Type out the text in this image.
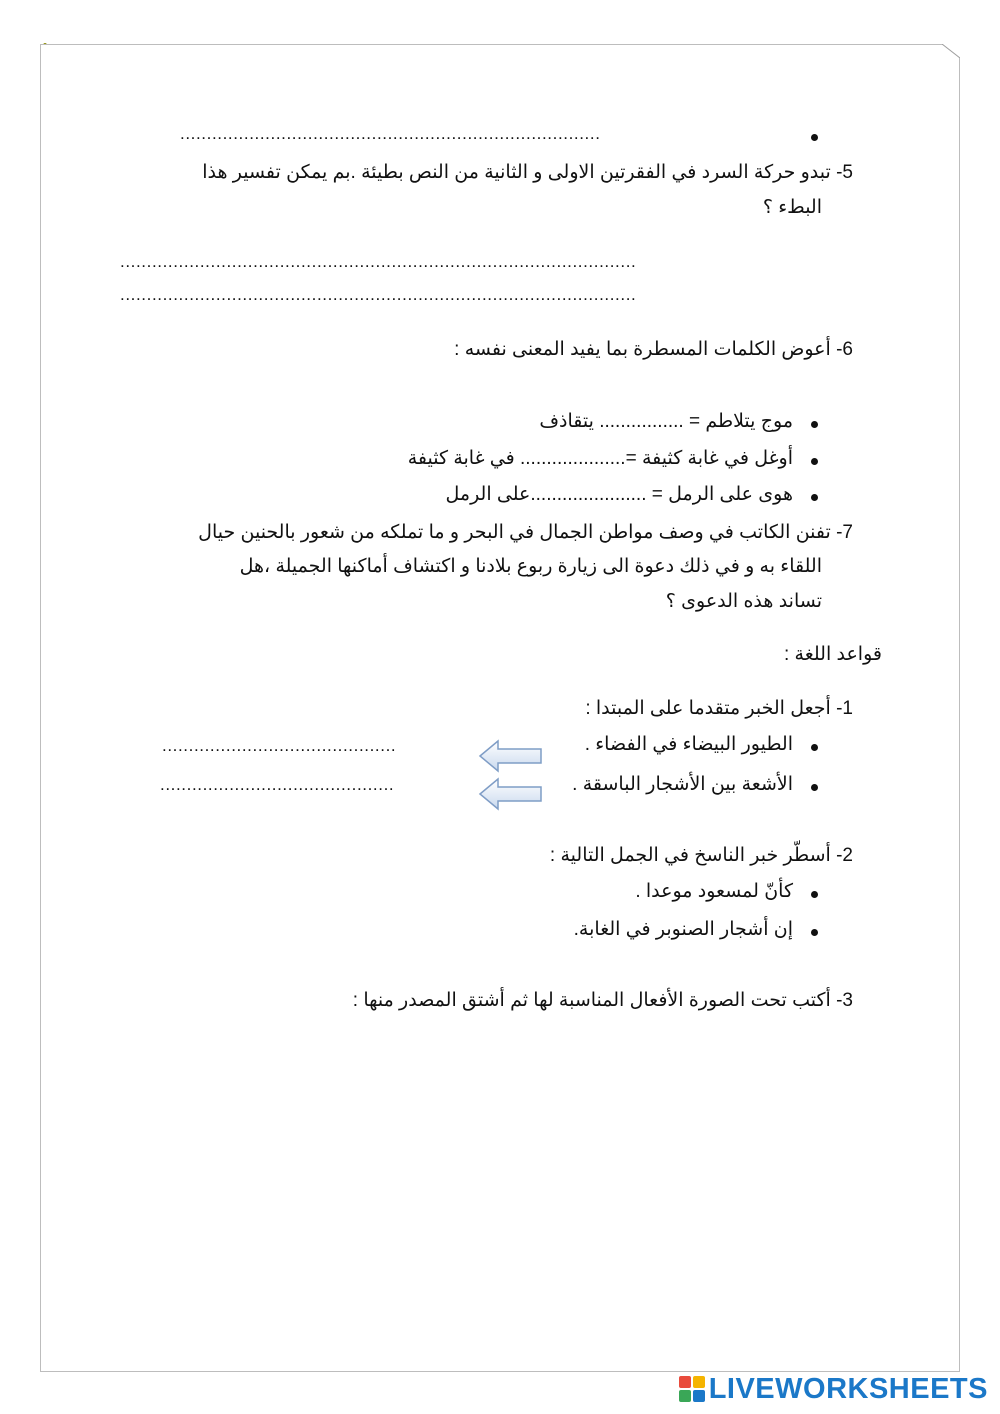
...............................................................................
5- تبدو حركة السرد في الفقرتين الاولى و الثانية من النص بطيئة .بم يمكن تفسير هذا
البطء ؟
.................................................................................................
.................................................................................................
6- أعوض الكلمات المسطرة بما يفيد المعنى نفسه :
موج يتلاطم = ................ يتقاذف
أوغل في غابة كثيفة =.................... في غابة كثيفة
هوى على الرمل = ......................على الرمل
7- تفنن الكاتب في وصف مواطن الجمال في البحر و ما تملكه من شعور بالحنين حيال
اللقاء به و في ذلك دعوة الى زيارة ربوع بلادنا و اكتشاف أماكنها الجميلة ،هل
تساند هذه الدعوى ؟
قواعد اللغة :
1- أجعل الخبر متقدما على المبتدا :
الطيور البيضاء في الفضاء .
............................................
الأشعة بين الأشجار الباسقة .
............................................
2- أسطّر خبر الناسخ في الجمل التالية :
كأنّ لمسعود موعدا .
إن أشجار الصنوبر في الغابة.
3- أكتب تحت الصورة الأفعال المناسبة لها ثم أشتق المصدر منها :
LIVEWORKSHEETS
